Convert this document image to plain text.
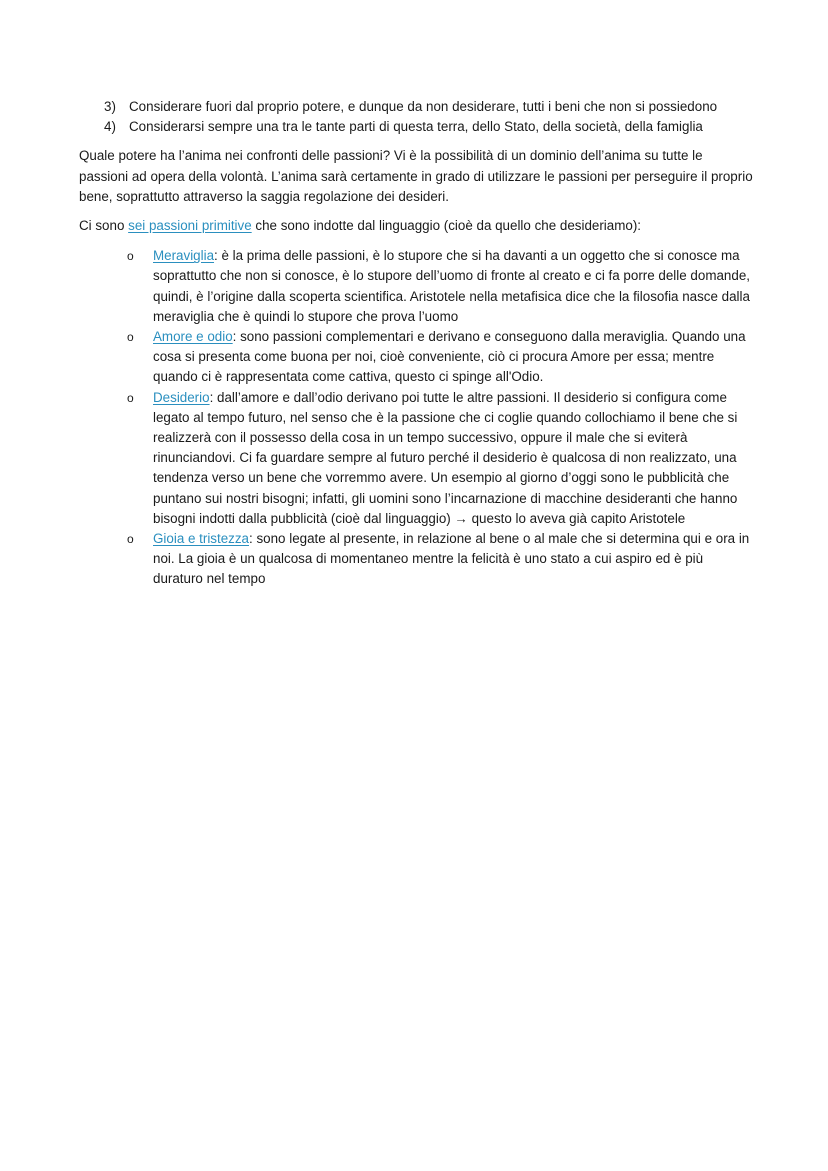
3) Considerare fuori dal proprio potere, e dunque da non desiderare, tutti i beni che non si possiedono
4) Considerarsi sempre una tra le tante parti di questa terra, dello Stato, della società, della famiglia

Quale potere ha l’anima nei confronti delle passioni? Vi è la possibilità di un dominio dell’anima su tutte le passioni ad opera della volontà. L’anima sarà certamente in grado di utilizzare le passioni per perseguire il proprio bene, soprattutto attraverso la saggia regolazione dei desideri.

Ci sono sei passioni primitive che sono indotte dal linguaggio (cioè da quello che desideriamo):

o Meraviglia: è la prima delle passioni, è lo stupore che si ha davanti a un oggetto che si conosce ma soprattutto che non si conosce, è lo stupore dell’uomo di fronte al creato e ci fa porre delle domande, quindi, è l’origine dalla scoperta scientifica. Aristotele nella metafisica dice che la filosofia nasce dalla meraviglia che è quindi lo stupore che prova l’uomo
o Amore e odio: sono passioni complementari e derivano e conseguono dalla meraviglia. Quando una cosa si presenta come buona per noi, cioè conveniente, ciò ci procura Amore per essa; mentre quando ci è rappresentata come cattiva, questo ci spinge all'Odio.
o Desiderio: dall’amore e dall’odio derivano poi tutte le altre passioni. Il desiderio si configura come legato al tempo futuro, nel senso che è la passione che ci coglie quando collochiamo il bene che si realizzerà con il possesso della cosa in un tempo successivo, oppure il male che si eviterà rinunciandovi. Ci fa guardare sempre al futuro perché il desiderio è qualcosa di non realizzato, una tendenza verso un bene che vorremmo avere. Un esempio al giorno d’oggi sono le pubblicità che puntano sui nostri bisogni; infatti, gli uomini sono l’incarnazione di macchine desideranti che hanno bisogni indotti dalla pubblicità (cioè dal linguaggio) → questo lo aveva già capito Aristotele
o Gioia e tristezza: sono legate al presente, in relazione al bene o al male che si determina qui e ora in noi. La gioia è un qualcosa di momentaneo mentre la felicità è uno stato a cui aspiro ed è più duraturo nel tempo
